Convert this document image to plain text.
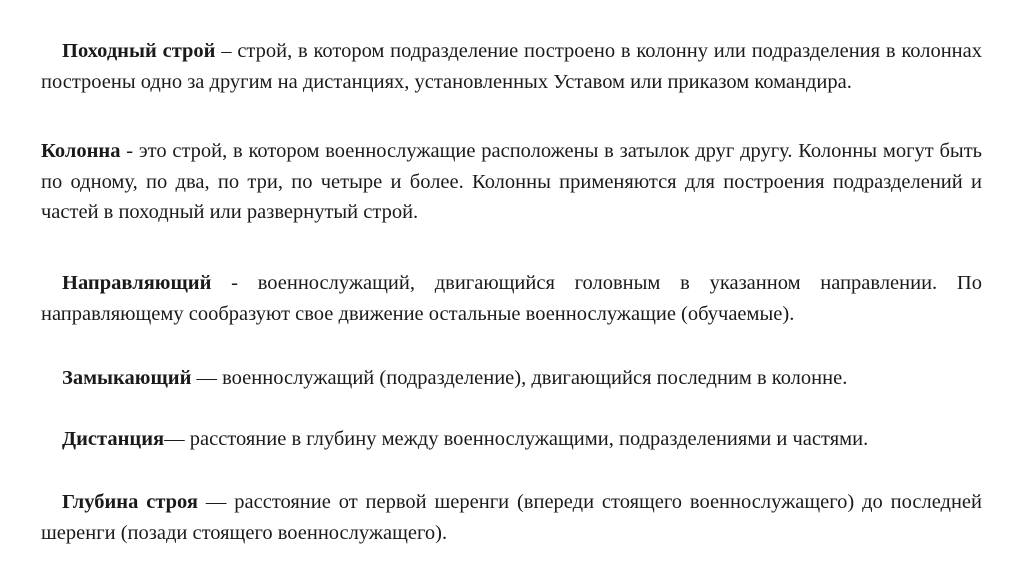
Походный строй – строй, в котором подразделение построено в колонну или подразделения в колоннах построены одно за другим на дистанциях, установленных Уставом или приказом командира.

Колонна - это строй, в котором военнослужащие расположены в затылок друг другу. Колонны могут быть по одному, по два, по три, по четыре и более. Колонны применяются для построения подразделений и частей в походный или развернутый строй.

Направляющий - военнослужащий, двигающийся головным в указанном направлении. По направляющему сообразуют свое движение остальные военнослужащие (обучаемые).

Замыкающий — военнослужащий (подразделение), двигающийся последним в колонне.

Дистанция— расстояние в глубину между военнослужащими, подразделениями и частями.

Глубина строя — расстояние от первой шеренги (впереди стоящего военнослужащего) до последней шеренги (позади стоящего военнослужащего).
